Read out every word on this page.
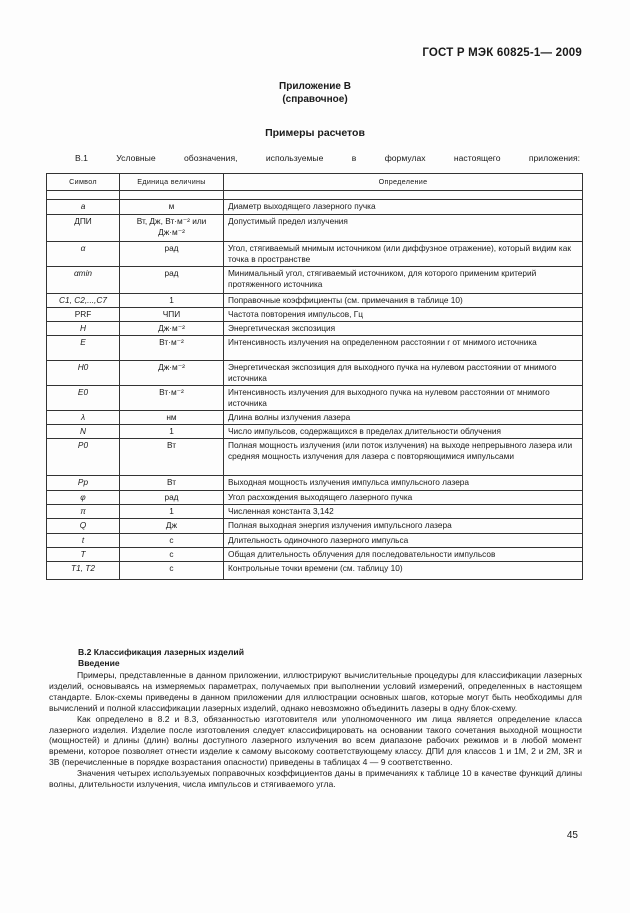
ГОСТ Р МЭК 60825-1— 2009
Приложение В
(справочное)
Примеры расчетов
В.1 Условные обозначения, используемые в формулах настоящего приложения:
Символ	Единица величины	Определение

a	м	Диаметр выходящего лазерного пучка
ДПИ	Вт, Дж, Вт·м⁻² или Дж·м⁻²	Допустимый предел излучения
α	рад	Угол, стягиваемый мнимым источником (или диффузное отражение), который видим как точка в пространстве
αmin	рад	Минимальный угол, стягиваемый источником, для которого применим критерий протяженного источника
C1, C2,...,C7	1	Поправочные коэффициенты (см. примечания в таблице 10)
PRF	ЧПИ	Частота повторения импульсов, Гц
H	Дж·м⁻²	Энергетическая экспозиция
E	Вт·м⁻²	Интенсивность излучения на определенном расстоянии r от мнимого источника
H0	Дж·м⁻²	Энергетическая экспозиция для выходного пучка на нулевом расстоянии от мнимого источника
E0	Вт·м⁻²	Интенсивность излучения для выходного пучка на нулевом расстоянии от мнимого источника
λ	нм	Длина волны излучения лазера
N	1	Число импульсов, содержащихся в пределах длительности облучения
P0	Вт	Полная мощность излучения (или поток излучения) на выходе непрерывного лазера или средняя мощность излучения для лазера с повторяющимися импульсами
Pp	Вт	Выходная мощность излучения импульса импульсного лазера
φ	рад	Угол расхождения выходящего лазерного пучка
π	1	Численная константа 3,142
Q	Дж	Полная выходная энергия излучения импульсного лазера
t	с	Длительность одиночного лазерного импульса
T	с	Общая длительность облучения для последовательности импульсов
T1, T2	с	Контрольные точки времени (см. таблицу 10)
В.2 Классификация лазерных изделий
Введение

Примеры, представленные в данном приложении, иллюстрируют вычислительные процедуры для классификации лазерных изделий, основываясь на измеряемых параметрах, получаемых при выполнении условий измерений, определенных в настоящем стандарте. Блок-схемы приведены в данном приложении для иллюстрации основных шагов, которые могут быть необходимы для вычислений и полной классификации лазерных изделий, однако невозможно объединить лазеры в одну блок-схему.

Как определено в 8.2 и 8.3, обязанностью изготовителя или уполномоченного им лица является определение класса лазерного изделия. Изделие после изготовления следует классифицировать на основании такого сочетания выходной мощности (мощностей) и длины (длин) волны доступного лазерного излучения во всем диапазоне рабочих режимов и в любой момент времени, которое позволяет отнести изделие к самому высокому соответствующему классу. ДПИ для классов 1 и 1М, 2 и 2М, 3R и 3В (перечисленные в порядке возрастания опасности) приведены в таблицах 4 — 9 соответственно.

Значения четырех используемых поправочных коэффициентов даны в примечаниях к таблице 10 в качестве функций длины волны, длительности излучения, числа импульсов и стягиваемого угла.

45
